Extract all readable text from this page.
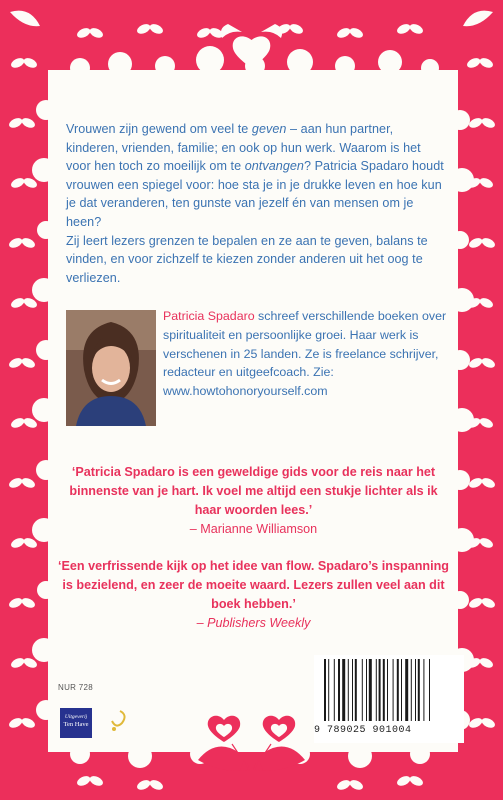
Vrouwen zijn gewend om veel te geven – aan hun partner, kinderen, vrienden, familie; en ook op hun werk. Waarom is het voor hen toch zo moeilijk om te ontvangen? Patricia Spadaro houdt vrouwen een spiegel voor: hoe sta je in je drukke leven en hoe kun je dat veranderen, ten gunste van jezelf én van mensen om je heen?

Zij leert lezers grenzen te bepalen en ze aan te geven, balans te vinden, en voor zichzelf te kiezen zonder anderen uit het oog te verliezen.

Patricia Spadaro schreef verschillende boeken over spiritualiteit en persoonlijke groei. Haar werk is verschenen in 25 landen. Ze is freelance schrijver, redacteur en uitgeefcoach. Zie: www.howtohonoryourself.com
‘Patricia Spadaro is een geweldige gids voor de reis naar het binnenste van je hart. Ik voel me altijd een stukje lichter als ik haar woorden lees.’
– Marianne Williamson
‘Een verfrissende kijk op het idee van flow. Spadaro’s inspanning is bezielend, en zeer de moeite waard. Lezers zullen veel aan dit boek hebben.’
– Publishers Weekly
NUR 728
Uitgeverij
Ten Have
9 789025 901004
